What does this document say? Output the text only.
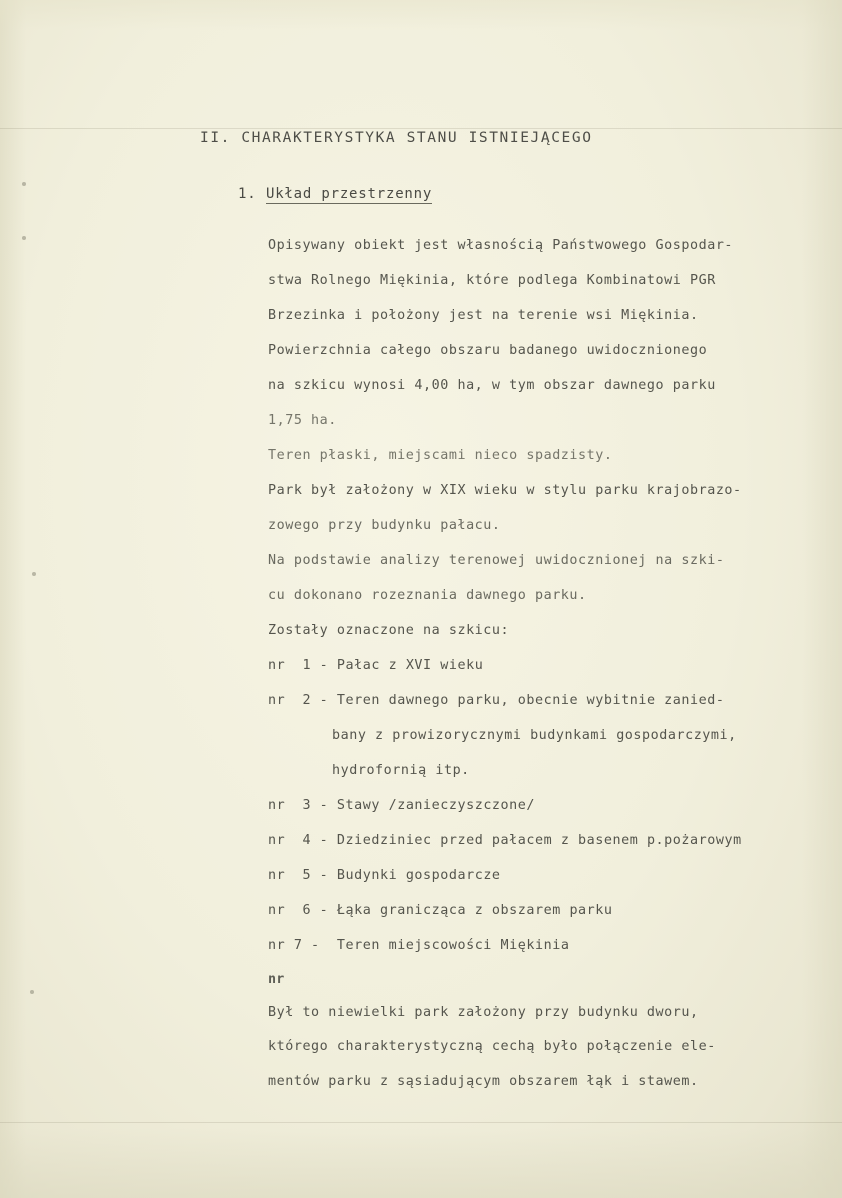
II. CHARAKTERYSTYKA STANU ISTNIEJĄCEGO
1. Układ przestrzenny
Opisywany obiekt jest własnością Państwowego Gospodar-
stwa Rolnego Miękinia, które podlega Kombinatowi PGR
Brzezinka i położony jest na terenie wsi Miękinia.
Powierzchnia całego obszaru badanego uwidocznionego
na szkicu wynosi 4,00 ha, w tym obszar dawnego parku
1,75 ha.
Teren płaski, miejscami nieco spadzisty.
Park był założony w XIX wieku w stylu parku krajobrazo-
zowego przy budynku pałacu.
Na podstawie analizy terenowej uwidocznionej na szki-
cu dokonano rozeznania dawnego parku.
Zostały oznaczone na szkicu:
nr  1 - Pałac z XVI wieku
nr  2 - Teren dawnego parku, obecnie wybitnie zanied-
bany z prowizorycznymi budynkami gospodarczymi,
hydrofornią itp.
nr  3 - Stawy /zanieczyszczone/
nr  4 - Dziedziniec przed pałacem z basenem p.pożarowym
nr  5 - Budynki gospodarcze
nr  6 - Łąka granicząca z obszarem parku
nr 7 -  Teren miejscowości Miękinia
nr
Był to niewielki park założony przy budynku dworu,
którego charakterystyczną cechą było połączenie ele-
mentów parku z sąsiadującym obszarem łąk i stawem.
